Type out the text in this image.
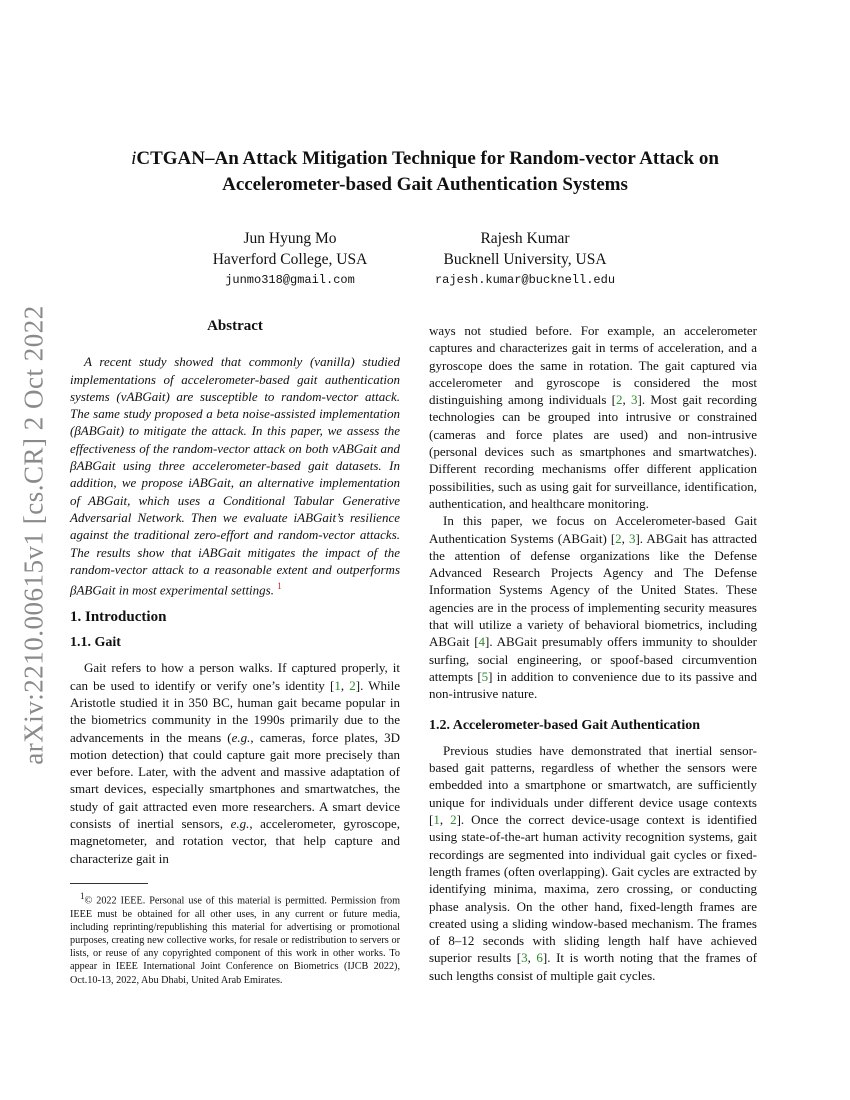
arXiv:2210.00615v1 [cs.CR] 2 Oct 2022
iCTGAN–An Attack Mitigation Technique for Random-vector Attack on
Accelerometer-based Gait Authentication Systems
Jun Hyung Mo
Haverford College, USA
junmo318@gmail.com
Rajesh Kumar
Bucknell University, USA
rajesh.kumar@bucknell.edu
Abstract

A recent study showed that commonly (vanilla) studied implementations of accelerometer-based gait authentication systems (vABGait) are susceptible to random-vector attack. The same study proposed a beta noise-assisted implementation (βABGait) to mitigate the attack. In this paper, we assess the effectiveness of the random-vector attack on both vABGait and βABGait using three accelerometer-based gait datasets. In addition, we propose iABGait, an alternative implementation of ABGait, which uses a Conditional Tabular Generative Adversarial Network. Then we evaluate iABGait’s resilience against the traditional zero-effort and random-vector attacks. The results show that iABGait mitigates the impact of the random-vector attack to a reasonable extent and outperforms βABGait in most experimental settings. $^1$

1. Introduction
1.1. Gait

Gait refers to how a person walks. If captured properly, it can be used to identify or verify one’s identity [1, 2]. While Aristotle studied it in 350 BC, human gait became popular in the biometrics community in the 1990s primarily due to the advancements in the means (e.g., cameras, force plates, 3D motion detection) that could capture gait more precisely than ever before. Later, with the advent and massive adaptation of smart devices, especially smartphones and smartwatches, the study of gait attracted even more researchers. A smart device consists of inertial sensors, e.g., accelerometer, gyroscope, magnetometer, and rotation vector, that help capture and characterize gait in

1© 2022 IEEE. Personal use of this material is permitted. Permission from IEEE must be obtained for all other uses, in any current or future media, including reprinting/republishing this material for advertising or promotional purposes, creating new collective works, for resale or redistribution to servers or lists, or reuse of any copyrighted component of this work in other works. To appear in IEEE International Joint Conference on Biometrics (IJCB 2022), Oct.10-13, 2022, Abu Dhabi, United Arab Emirates.

ways not studied before. For example, an accelerometer captures and characterizes gait in terms of acceleration, and a gyroscope does the same in rotation. The gait captured via accelerometer and gyroscope is considered the most distinguishing among individuals [2, 3]. Most gait recording technologies can be grouped into intrusive or constrained (cameras and force plates are used) and non-intrusive (personal devices such as smartphones and smartwatches). Different recording mechanisms offer different application possibilities, such as using gait for surveillance, identification, authentication, and healthcare monitoring.

In this paper, we focus on Accelerometer-based Gait Authentication Systems (ABGait) [2, 3]. ABGait has attracted the attention of defense organizations like the Defense Advanced Research Projects Agency and The Defense Information Systems Agency of the United States. These agencies are in the process of implementing security measures that will utilize a variety of behavioral biometrics, including ABGait [4]. ABGait presumably offers immunity to shoulder surfing, social engineering, or spoof-based circumvention attempts [5] in addition to convenience due to its passive and non-intrusive nature.

1.2. Accelerometer-based Gait Authentication

Previous studies have demonstrated that inertial sensor-based gait patterns, regardless of whether the sensors were embedded into a smartphone or smartwatch, are sufficiently unique for individuals under different device usage contexts [1, 2]. Once the correct device-usage context is identified using state-of-the-art human activity recognition systems, gait recordings are segmented into individual gait cycles or fixed-length frames (often overlapping). Gait cycles are extracted by identifying minima, maxima, zero crossing, or conducting phase analysis. On the other hand, fixed-length frames are created using a sliding window-based mechanism. The frames of 8–12 seconds with sliding length half have achieved superior results [3, 6]. It is worth noting that the frames of such lengths consist of multiple gait cycles.
